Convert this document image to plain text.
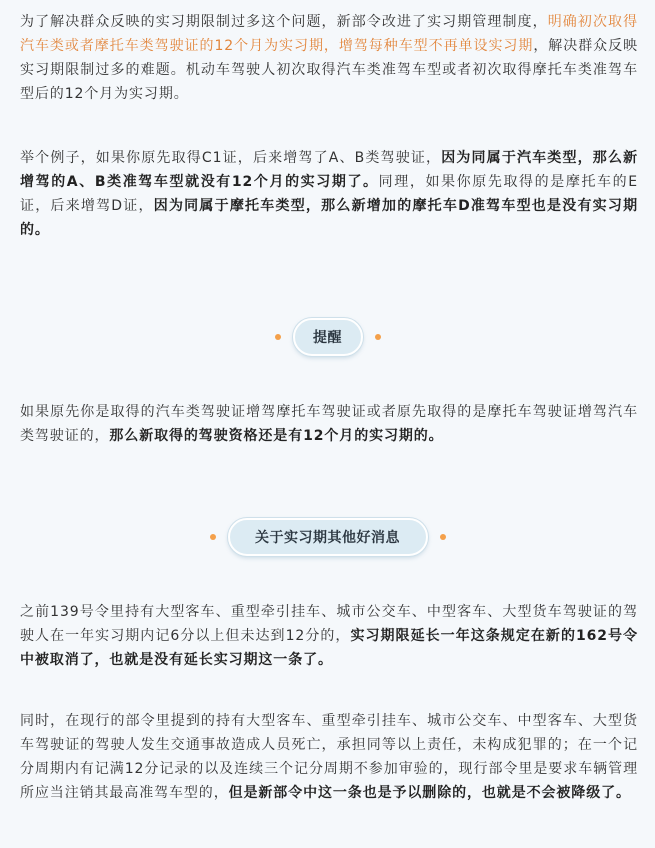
为了解决群众反映的实习期限制过多这个问题，新部令改进了实习期管理制度，明确初次取得汽车类或者摩托车类驾驶证的12个月为实习期，增驾每种车型不再单设实习期，解决群众反映实习期限制过多的难题。机动车驾驶人初次取得汽车类准驾车型或者初次取得摩托车类准驾车型后的12个月为实习期。

举个例子，如果你原先取得C1证，后来增驾了A、B类驾驶证，因为同属于汽车类型，那么新增驾的A、B类准驾车型就没有12个月的实习期了。同理，如果你原先取得的是摩托车的E证，后来增驾D证，因为同属于摩托车类型，那么新增加的摩托车D准驾车型也是没有实习期的。

提醒

如果原先你是取得的汽车类驾驶证增驾摩托车驾驶证或者原先取得的是摩托车驾驶证增驾汽车类驾驶证的，那么新取得的驾驶资格还是有12个月的实习期的。

关于实习期其他好消息

之前139号令里持有大型客车、重型牵引挂车、城市公交车、中型客车、大型货车驾驶证的驾驶人在一年实习期内记6分以上但未达到12分的，实习期限延长一年这条规定在新的162号令中被取消了，也就是没有延长实习期这一条了。

同时，在现行的部令里提到的持有大型客车、重型牵引挂车、城市公交车、中型客车、大型货车驾驶证的驾驶人发生交通事故造成人员死亡，承担同等以上责任，未构成犯罪的；在一个记分周期内有记满12分记录的以及连续三个记分周期不参加审验的，现行部令里是要求车辆管理所应当注销其最高准驾车型的，但是新部令中这一条也是予以删除的，也就是不会被降级了。
